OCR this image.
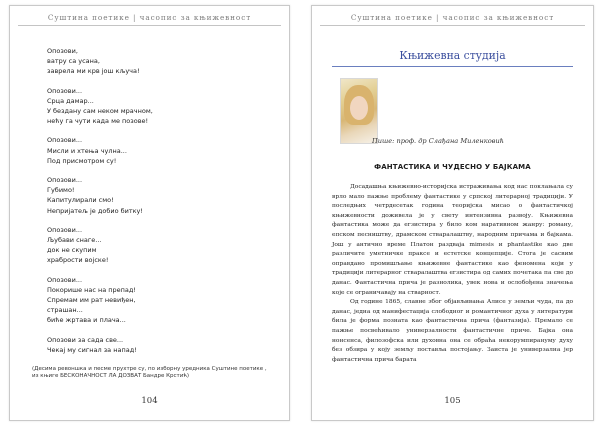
Суштина поетике | часопис за књижевност
Опозови,
ватру са усана,
заврела ми крв још кључа!
Опозови...
Срца дамар...
У бездану сам неком мрачном,
нећу га чути када ме позове!
Опозови...
Мисли и хтења чулна...
Под присмотром су!
Опозови...
Губимо!
Капитулирали смо!
Непријатељ је добио битку!
Опозови...
Љубави снаге...
док не скупим
храбрости војске!
Опозови...
Покорише нас на препад!
Спремам им рат невиђен,
страшан...
биће жртава и плача...
Опозови за сада све...
Чекај му сигнал за напад!
(Десима ревоншка и песме прухтре су, по изборну уредника Суштине поетике , из књиге БЕСКОНАЧНОСТ ЛА ДОЗВАТ Бандре Крстић)
104
Суштина поетике | часопис за књижевност
Књижевна студија
Пише: проф. др Слађана Миленковић
ФАНТАСТИКА И ЧУДЕСНО У БАЈКАМА

Досадашња књижевно-историјска истраживања код нас поклањала су врло мало пажње проблему фантастике у српској литерарној традицији. У последњих четрдесетак година теоријска мисао о фантастичкој књижевности доживела је у свету интензивна развоју. Књижевна фантастика може да егзистира у било ком наративном жанру: роману, епском песништву, драмском стваралаштву, народним причама и бајкама. Још у антично време Платон раздваја mimesis и phantastike као две различите уметничке праксе и естетске концепције. Стога је сасвим оправдано промишљање књижевне фантастике као феномена који у традицији литерарног стваралаштва егзистира од самих почетака па све до данас. Фантастична прича је разнолика, увек нова и ослобођена значења које се ограничавају на стварност.

Од године 1865, славне због објављивања Алисе у земљи чуда, па до данас, једна од манифестација слободног и романтичног духа у литератури била је форма позната као фантастична прича (фантазија). Премало се пажње посвећивало универзалности фантастичне приче. Бајка она нонсенса, филозофска или духовна она се обраћа некорумпирануму духу без обзира у коју земљу поставља постојању. Заиста је универзална јер фантастична прича баратa

105
